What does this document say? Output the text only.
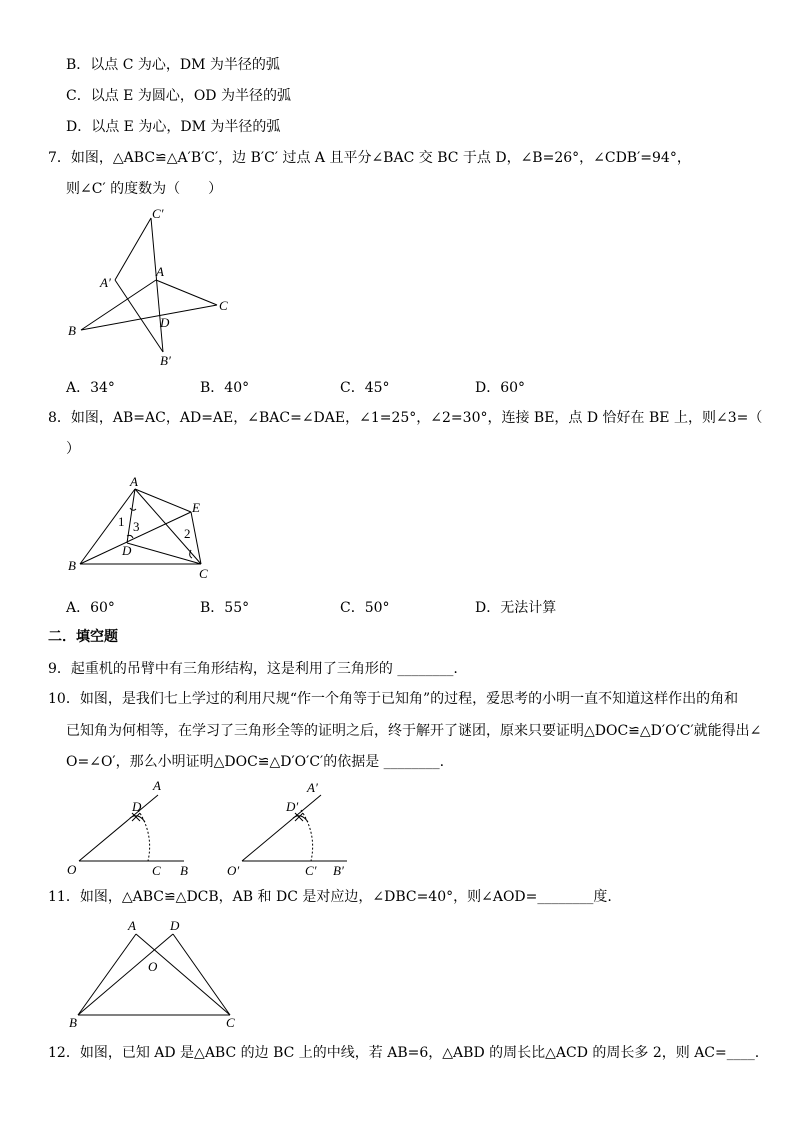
B．以点 C 为心，DM 为半径的弧
C．以点 E 为圆心，OD 为半径的弧
D．以点 E 为心，DM 为半径的弧
7．如图，△ABC≌△A′B′C′，边 B′C′ 过点 A 且平分∠BAC 交 BC 于点 D，∠B=26°，∠CDB′=94°，
则∠C′ 的度数为（　　）
C′
A
A′
C
B
D
B′
A．34°	B．40°	C．45°	D．60°
8．如图，AB=AC，AD=AE，∠BAC=∠DAE，∠1=25°，∠2=30°，连接 BE，点 D 恰好在 BE 上，则∠3=（
）
A
E
B
C
D
1
2
3
A．60°	B．55°	C．50°	D．无法计算
二．填空题
9．起重机的吊臂中有三角形结构，这是利用了三角形的 ________.
10．如图，是我们七上学过的利用尺规“作一个角等于已知角”的过程，爱思考的小明一直不知道这样作出的角和
已知角为何相等，在学习了三角形全等的证明之后，终于解开了谜团，原来只要证明△DOC≌△D′O′C′就能得出∠
O=∠O′，那么小明证明△DOC≌△D′O′C′的依据是 ________.
A
D
O	C B
A′
D′
O′	C′ B′
11．如图，△ABC≌△DCB，AB 和 DC 是对应边，∠DBC=40°，则∠AOD=________度.
A	D
O
B	C
12．如图，已知 AD 是△ABC 的边 BC 上的中线，若 AB=6，△ABD 的周长比△ACD 的周长多 2，则 AC=____.
